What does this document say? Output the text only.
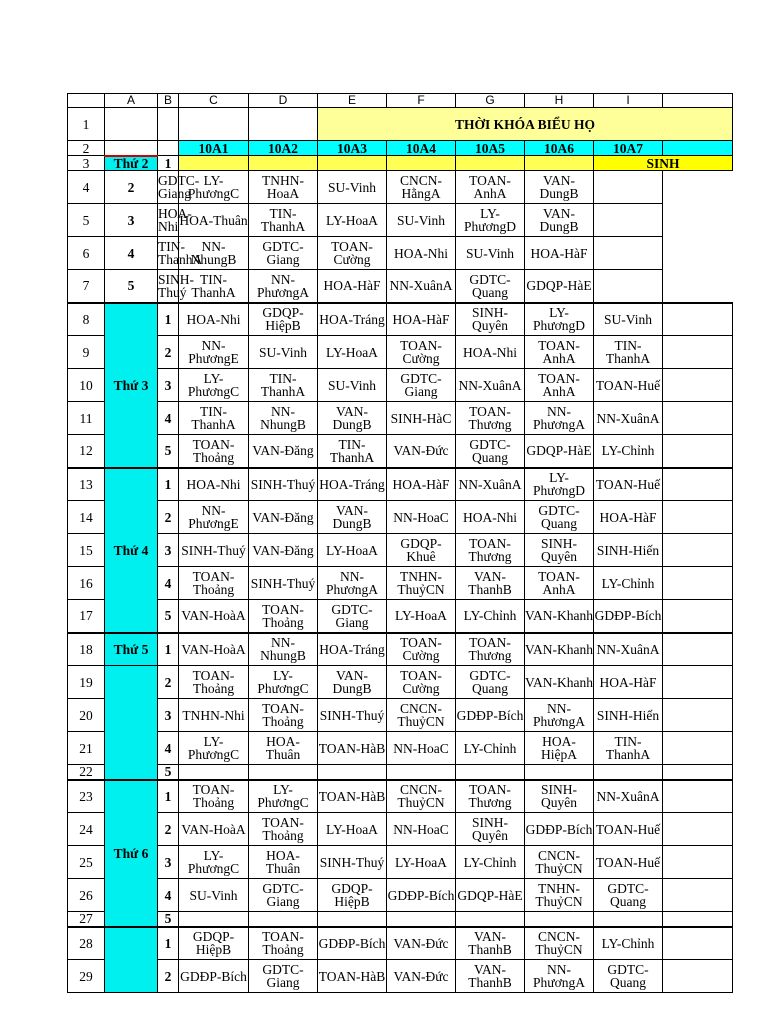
	A	B	C	D	E	F	G	H	I	
1					THỜI KHÓA BIỂU HỌ					
2			10A1	10A2	10A3	10A4	10A5	10A6	10A7	
3	Thứ 2	1							SINH	
4	2	GDTC-Giang	LY-PhươngC	TNHN-HoaA	SU-Vinh	CNCN-HằngA	TOAN-AnhA	VAN-DungB		
5	3	HOA-Nhi	HOA-Thuân	TIN-ThanhA	LY-HoaA	SU-Vinh	LY-PhươngD	VAN-DungB		
6	4	TIN-ThanhA	NN-NhungB	GDTC-Giang	TOAN-Cường	HOA-Nhi	SU-Vinh	HOA-HàF		
7	5	SINH-Thuý	TIN-ThanhA	NN-PhươngA	HOA-HàF	NN-XuânA	GDTC-Quang	GDQP-HàE		
8	Thứ 3	1	HOA-Nhi	GDQP-HiệpB	HOA-Tráng	HOA-HàF	SINH-Quyên	LY-PhươngD	SU-Vinh	
9		2	NN-PhươngE	SU-Vinh	LY-HoaA	TOAN-Cường	HOA-Nhi	TOAN-AnhA	TIN-ThanhA	
10		3	LY-PhươngC	TIN-ThanhA	SU-Vinh	GDTC-Giang	NN-XuânA	TOAN-AnhA	TOAN-Huế	
11		4	TIN-ThanhA	NN-NhungB	VAN-DungB	SINH-HàC	TOAN-Thương	NN-PhươngA	NN-XuânA	
12		5	TOAN-Thoảng	VAN-Đăng	TIN-ThanhA	VAN-Đức	GDTC-Quang	GDQP-HàE	LY-Chỉnh	
13	Thứ 4	1	HOA-Nhi	SINH-Thuý	HOA-Tráng	HOA-HàF	NN-XuânA	LY-PhươngD	TOAN-Huế	
14		2	NN-PhươngE	VAN-Đăng	VAN-DungB	NN-HoaC	HOA-Nhi	GDTC-Quang	HOA-HàF	
15		3	SINH-Thuý	VAN-Đăng	LY-HoaA	GDQP-Khuê	TOAN-Thương	SINH-Quyên	SINH-Hiến	
16		4	TOAN-Thoảng	SINH-Thuý	NN-PhươngA	TNHN-ThuỷCN	VAN-ThanhB	TOAN-AnhA	LY-Chỉnh	
17		5	VAN-HoàA	TOAN-Thoảng	GDTC-Giang	LY-HoaA	LY-Chỉnh	VAN-Khanh	GDĐP-Bích	
18	Thứ 5	1	VAN-HoàA	NN-NhungB	HOA-Tráng	TOAN-Cường	TOAN-Thương	VAN-Khanh	NN-XuânA	
19		2	TOAN-Thoảng	LY-PhươngC	VAN-DungB	TOAN-Cường	GDTC-Quang	VAN-Khanh	HOA-HàF	
20		3	TNHN-Nhi	TOAN-Thoảng	SINH-Thuý	CNCN-ThuỷCN	GDĐP-Bích	NN-PhươngA	SINH-Hiến	
21		4	LY-PhươngC	HOA-Thuân	TOAN-HàB	NN-HoaC	LY-Chỉnh	HOA-HiệpA	TIN-ThanhA	
22		5								
23	Thứ 6	1	TOAN-Thoảng	LY-PhươngC	TOAN-HàB	CNCN-ThuỷCN	TOAN-Thương	SINH-Quyên	NN-XuânA	
24		2	VAN-HoàA	TOAN-Thoảng	LY-HoaA	NN-HoaC	SINH-Quyên	GDĐP-Bích	TOAN-Huế	
25		3	LY-PhươngC	HOA-Thuân	SINH-Thuý	LY-HoaA	LY-Chỉnh	CNCN-ThuỷCN	TOAN-Huế	
26		4	SU-Vinh	GDTC-Giang	GDQP-HiệpB	GDĐP-Bích	GDQP-HàE	TNHN-ThuỷCN	GDTC-Quang	
27		5								
28		1	GDQP-HiệpB	TOAN-Thoảng	GDĐP-Bích	VAN-Đức	VAN-ThanhB	CNCN-ThuỷCN	LY-Chỉnh	
29		2	GDĐP-Bích	GDTC-Giang	TOAN-HàB	VAN-Đức	VAN-ThanhB	NN-PhươngA	GDTC-Quang	
